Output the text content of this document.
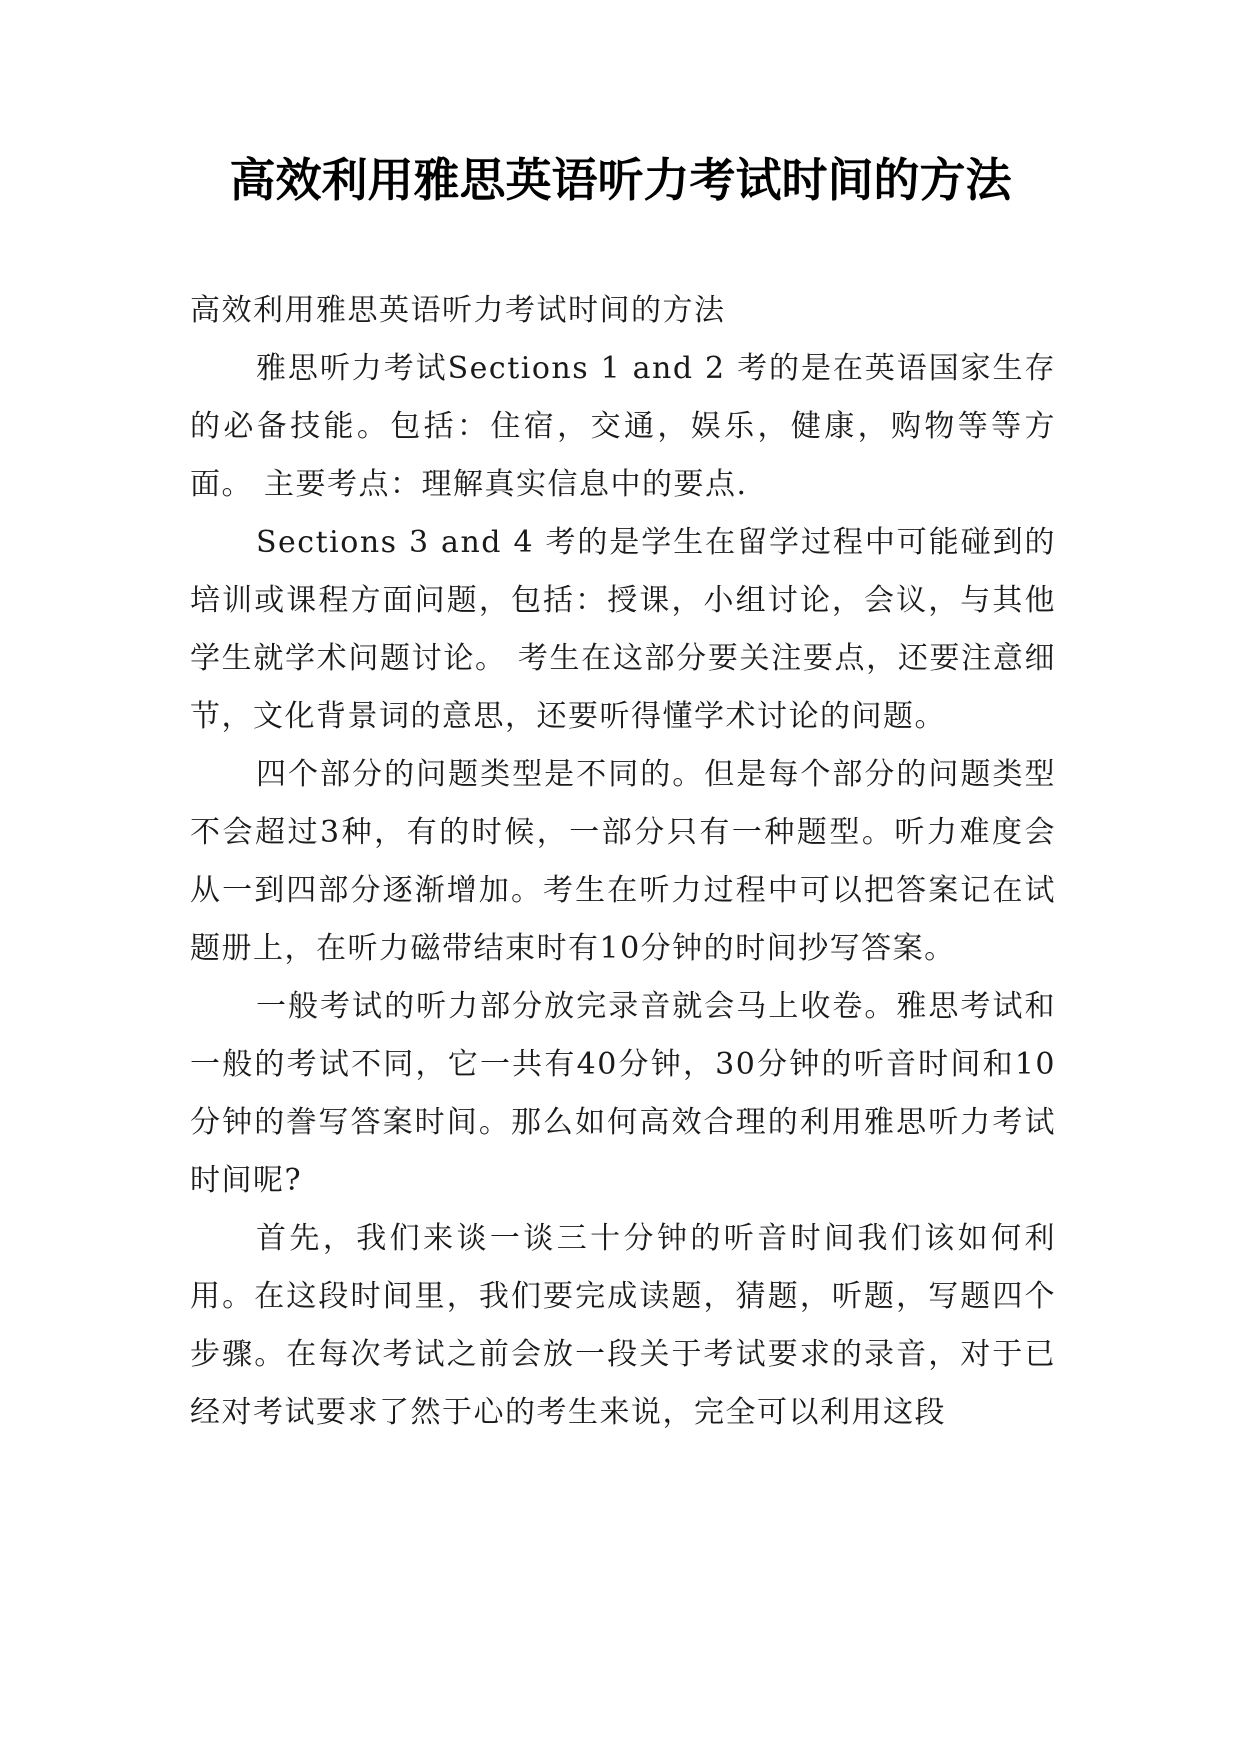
高效利用雅思英语听力考试时间的方法

高效利用雅思英语听力考试时间的方法

雅思听力考试Sections 1 and 2 考的是在英语国家生存的必备技能。包括：住宿，交通，娱乐，健康，购物等等方面。 主要考点：理解真实信息中的要点.

Sections 3 and 4 考的是学生在留学过程中可能碰到的培训或课程方面问题，包括：授课，小组讨论，会议，与其他学生就学术问题讨论。 考生在这部分要关注要点，还要注意细节，文化背景词的意思，还要听得懂学术讨论的问题。

四个部分的问题类型是不同的。但是每个部分的问题类型不会超过3种，有的时候，一部分只有一种题型。听力难度会从一到四部分逐渐增加。考生在听力过程中可以把答案记在试题册上，在听力磁带结束时有10分钟的时间抄写答案。

一般考试的听力部分放完录音就会马上收卷。雅思考试和一般的考试不同，它一共有40分钟，30分钟的听音时间和10分钟的誊写答案时间。那么如何高效合理的利用雅思听力考试时间呢?

首先，我们来谈一谈三十分钟的听音时间我们该如何利用。在这段时间里，我们要完成读题，猜题，听题，写题四个步骤。在每次考试之前会放一段关于考试要求的录音，对于已经对考试要求了然于心的考生来说，完全可以利用这段
